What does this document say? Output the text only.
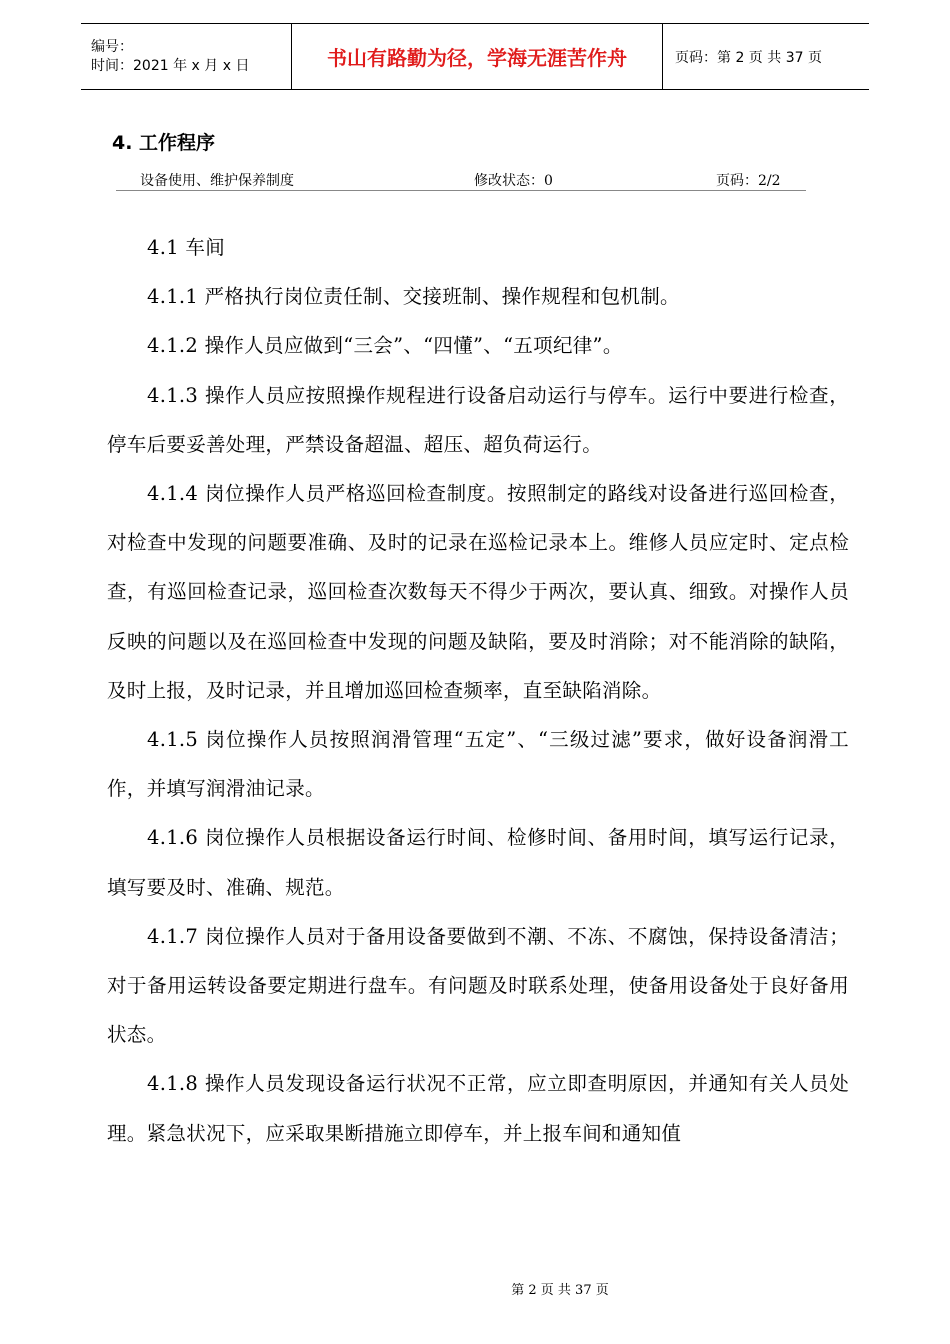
编号：
时间：2021 年 x 月 x 日	书山有路勤为径，学海无涯苦作舟	页码：第 2 页 共 37 页
4. 工作程序
设备使用、维护保养制度	修改状态：0	页码：2/2

4.1 车间

4.1.1 严格执行岗位责任制、交接班制、操作规程和包机制。

4.1.2 操作人员应做到“三会”、“四懂”、“五项纪律”。

4.1.3 操作人员应按照操作规程进行设备启动运行与停车。运行中要进行检查，停车后要妥善处理，严禁设备超温、超压、超负荷运行。

4.1.4 岗位操作人员严格巡回检查制度。按照制定的路线对设备进行巡回检查，对检查中发现的问题要准确、及时的记录在巡检记录本上。维修人员应定时、定点检查，有巡回检查记录，巡回检查次数每天不得少于两次，要认真、细致。对操作人员反映的问题以及在巡回检查中发现的问题及缺陷，要及时消除；对不能消除的缺陷，及时上报，及时记录，并且增加巡回检查频率，直至缺陷消除。

4.1.5 岗位操作人员按照润滑管理“五定”、“三级过滤”要求，做好设备润滑工作，并填写润滑油记录。

4.1.6 岗位操作人员根据设备运行时间、检修时间、备用时间，填写运行记录，填写要及时、准确、规范。

4.1.7 岗位操作人员对于备用设备要做到不潮、不冻、不腐蚀，保持设备清洁；对于备用运转设备要定期进行盘车。有问题及时联系处理，使备用设备处于良好备用状态。

4.1.8 操作人员发现设备运行状况不正常，应立即查明原因，并通知有关人员处理。紧急状况下，应采取果断措施立即停车，并上报车间和通知值

第 2 页 共 37 页
